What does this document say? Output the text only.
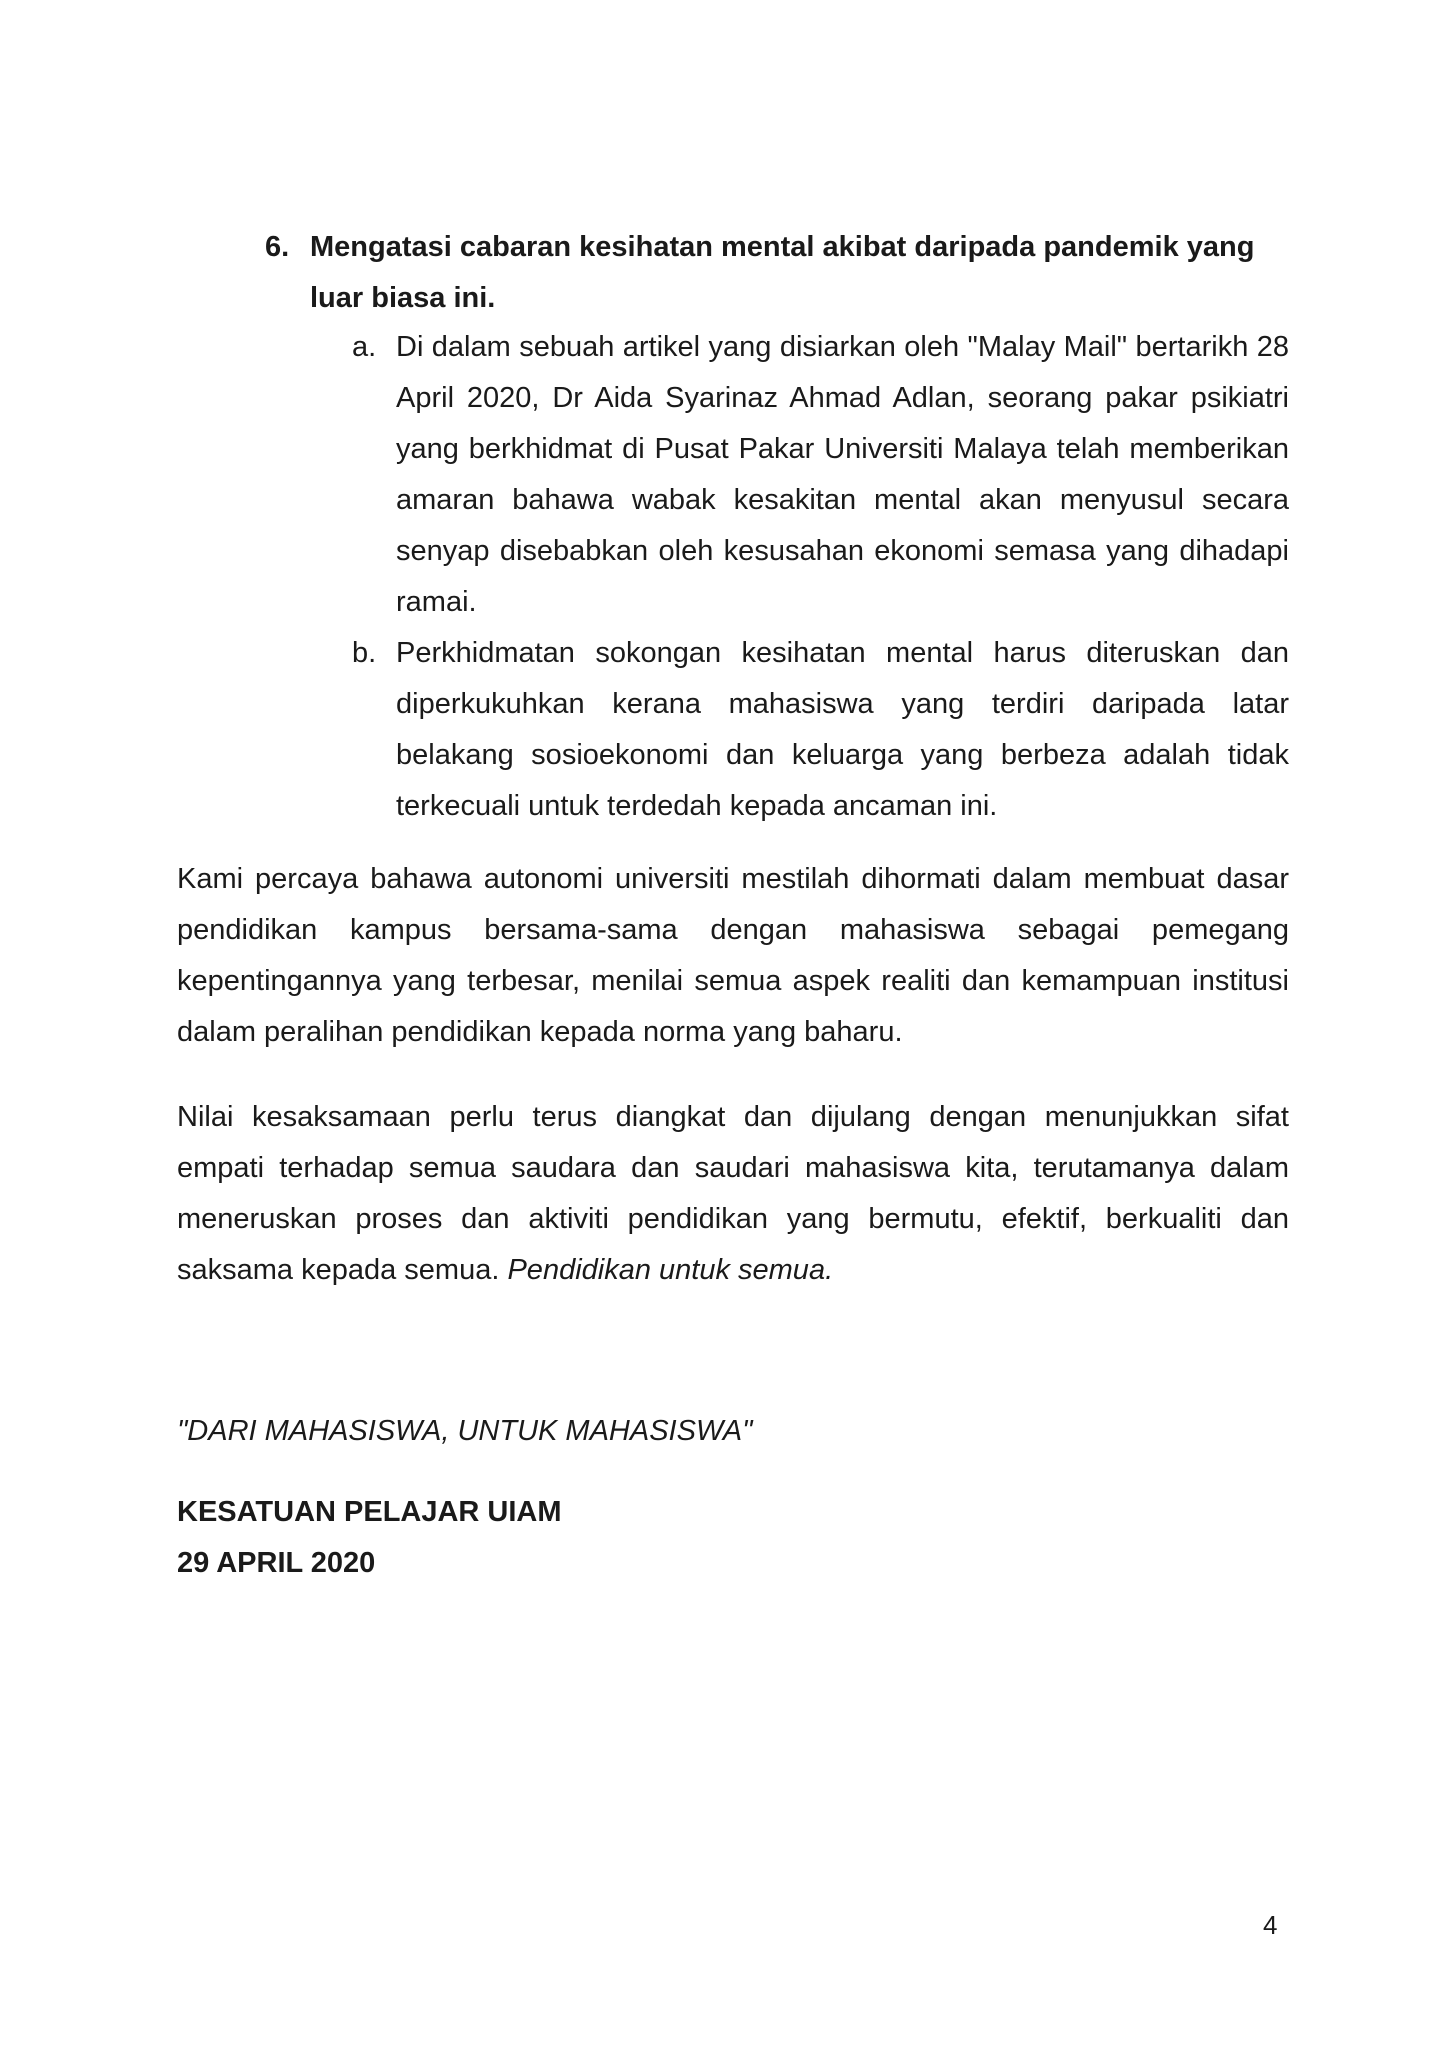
6. Mengatasi cabaran kesihatan mental akibat daripada pandemik yang luar biasa ini.

a. Di dalam sebuah artikel yang disiarkan oleh "Malay Mail" bertarikh 28 April 2020, Dr Aida Syarinaz Ahmad Adlan, seorang pakar psikiatri yang berkhidmat di Pusat Pakar Universiti Malaya telah memberikan amaran bahawa wabak kesakitan mental akan menyusul secara senyap disebabkan oleh kesusahan ekonomi semasa yang dihadapi ramai.
b. Perkhidmatan sokongan kesihatan mental harus diteruskan dan diperkukuhkan kerana mahasiswa yang terdiri daripada latar belakang sosioekonomi dan keluarga yang berbeza adalah tidak terkecuali untuk terdedah kepada ancaman ini.

Kami percaya bahawa autonomi universiti mestilah dihormati dalam membuat dasar pendidikan kampus bersama-sama dengan mahasiswa sebagai pemegang kepentingannya yang terbesar, menilai semua aspek realiti dan kemampuan institusi dalam peralihan pendidikan kepada norma yang baharu.

Nilai kesaksamaan perlu terus diangkat dan dijulang dengan menunjukkan sifat empati terhadap semua saudara dan saudari mahasiswa kita, terutamanya dalam meneruskan proses dan aktiviti pendidikan yang bermutu, efektif, berkualiti dan saksama kepada semua. Pendidikan untuk semua.

"DARI MAHASISWA, UNTUK MAHASISWA"

KESATUAN PELAJAR UIAM

29 APRIL 2020

4
